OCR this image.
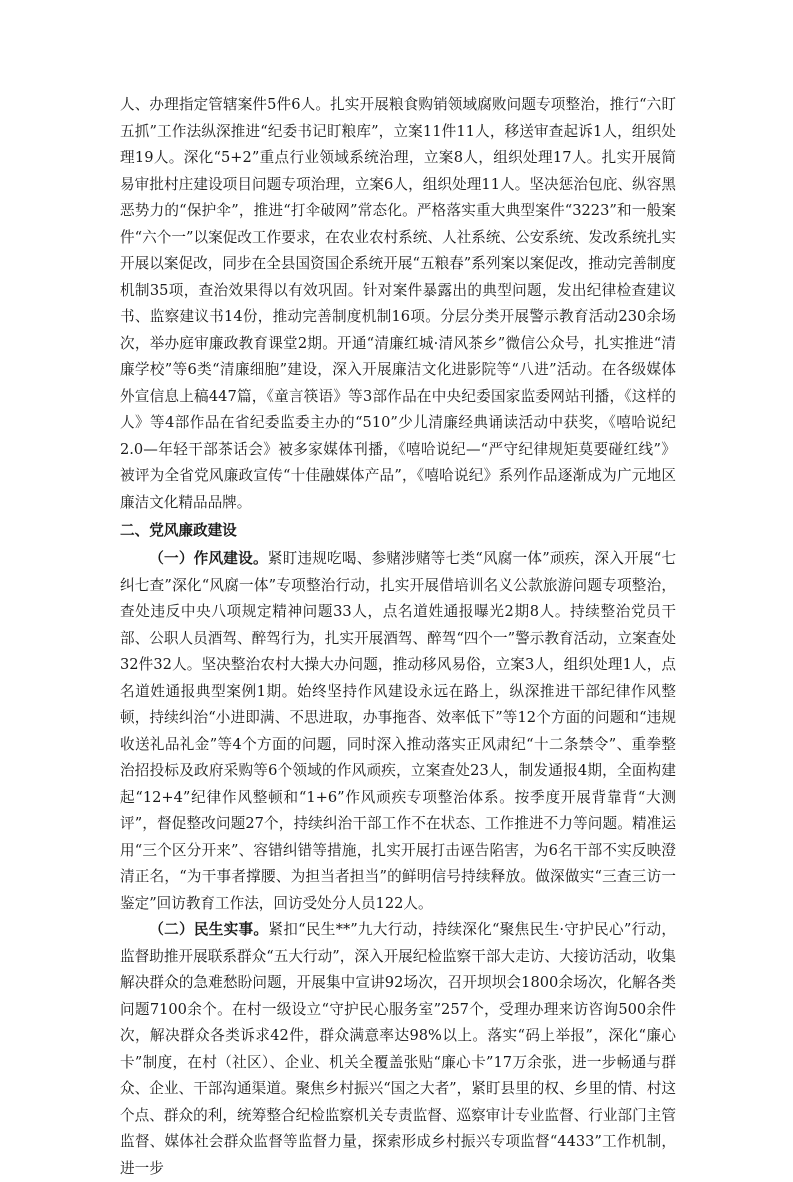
人、办理指定管辖案件5件6人。扎实开展粮食购销领域腐败问题专项整治，推行“六盯五抓”工作法纵深推进“纪委书记盯粮库”，立案11件11人，移送审查起诉1人，组织处理19人。深化“5+2”重点行业领域系统治理，立案8人，组织处理17人。扎实开展简易审批村庄建设项目问题专项治理，立案6人，组织处理11人。坚决惩治包庇、纵容黑恶势力的“保护伞”，推进“打伞破网”常态化。严格落实重大典型案件“3223”和一般案件“六个一”以案促改工作要求，在农业农村系统、人社系统、公安系统、发改系统扎实开展以案促改，同步在全县国资国企系统开展“五粮春”系列案以案促改，推动完善制度机制35项，查治效果得以有效巩固。针对案件暴露出的典型问题，发出纪律检查建议书、监察建议书14份，推动完善制度机制16项。分层分类开展警示教育活动230余场次，举办庭审廉政教育课堂2期。开通“清廉红城·清风茶乡”微信公众号，扎实推进“清廉学校”等6类“清廉细胞”建设，深入开展廉洁文化进影院等“八进”活动。在各级媒体外宣信息上稿447篇，《童言筷语》等3部作品在中央纪委国家监委网站刊播，《这样的人》等4部作品在省纪委监委主办的“510”少儿清廉经典诵读活动中获奖，《嘻哈说纪2.0—年轻干部茶话会》被多家媒体刊播，《嘻哈说纪—“严守纪律规矩莫要碰红线”》被评为全省党风廉政宣传“十佳融媒体产品”，《嘻哈说纪》系列作品逐渐成为广元地区廉洁文化精品品牌。

二、党风廉政建设

（一）作风建设。紧盯违规吃喝、参赌涉赌等七类“风腐一体”顽疾，深入开展“七纠七查”深化“风腐一体”专项整治行动，扎实开展借培训名义公款旅游问题专项整治，查处违反中央八项规定精神问题33人，点名道姓通报曝光2期8人。持续整治党员干部、公职人员酒驾、醉驾行为，扎实开展酒驾、醉驾“四个一”警示教育活动，立案查处32件32人。坚决整治农村大操大办问题，推动移风易俗，立案3人，组织处理1人，点名道姓通报典型案例1期。始终坚持作风建设永远在路上，纵深推进干部纪律作风整顿，持续纠治“小进即满、不思进取，办事拖沓、效率低下”等12个方面的问题和“违规收送礼品礼金”等4个方面的问题，同时深入推动落实正风肃纪“十二条禁令”、重拳整治招投标及政府采购等6个领域的作风顽疾，立案查处23人，制发通报4期，全面构建起“12+4”纪律作风整顿和“1+6”作风顽疾专项整治体系。按季度开展背靠背“大测评”，督促整改问题27个，持续纠治干部工作不在状态、工作推进不力等问题。精准运用“三个区分开来”、容错纠错等措施，扎实开展打击诬告陷害，为6名干部不实反映澄清正名，“为干事者撑腰、为担当者担当”的鲜明信号持续释放。做深做实“三查三访一鉴定”回访教育工作法，回访受处分人员122人。

（二）民生实事。紧扣“民生**”九大行动，持续深化“聚焦民生·守护民心”行动，监督助推开展联系群众“五大行动”，深入开展纪检监察干部大走访、大接访活动，收集解决群众的急难愁盼问题，开展集中宣讲92场次，召开坝坝会1800余场次，化解各类问题7100余个。在村一级设立“守护民心服务室”257个，受理办理来访咨询500余件次，解决群众各类诉求42件，群众满意率达98%以上。落实“码上举报”，深化“廉心卡”制度，在村（社区）、企业、机关全覆盖张贴“廉心卡”17万余张，进一步畅通与群众、企业、干部沟通渠道。聚焦乡村振兴“国之大者”，紧盯县里的权、乡里的情、村这个点、群众的利，统筹整合纪检监察机关专责监督、巡察审计专业监督、行业部门主管监督、媒体社会群众监督等监督力量，探索形成乡村振兴专项监督“4433”工作机制，进一步
